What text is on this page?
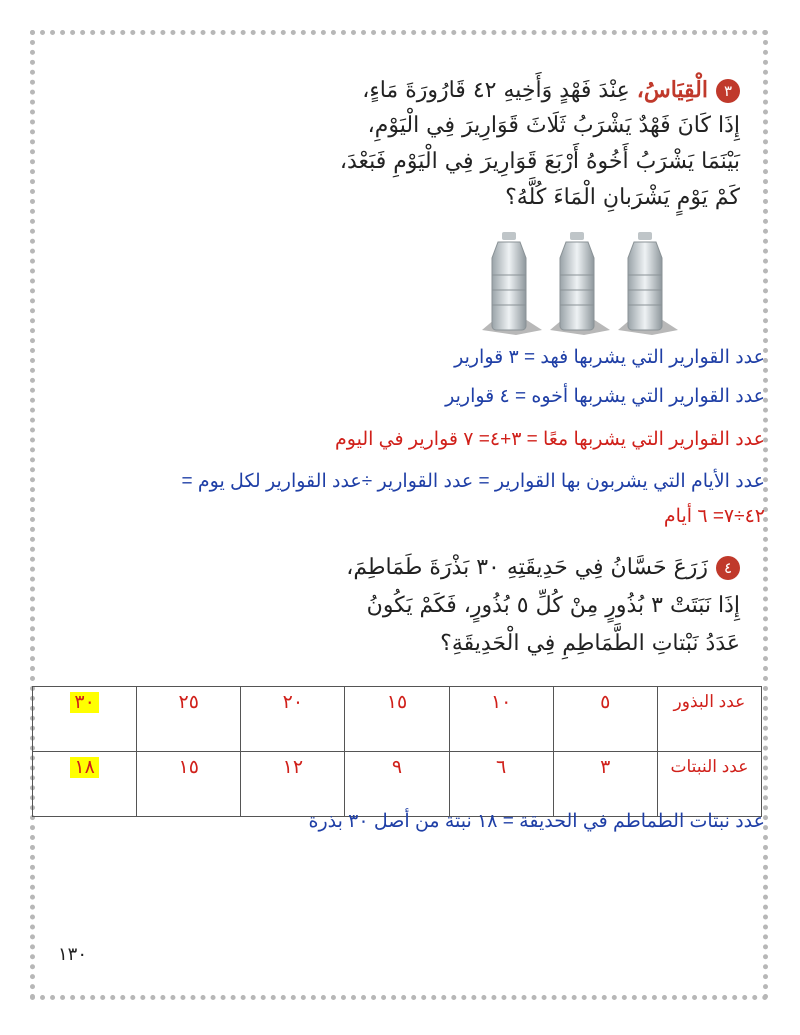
٣الْقِيَاسُ، عِنْدَ فَهْدٍ وَأَخِيهِ ٤٢ قَارُورَةَ مَاءٍ،
إِذَا كَانَ فَهْدٌ يَشْرَبُ ثَلَاثَ قَوَارِيرَ فِي الْيَوْمِ،
بَيْنَمَا يَشْرَبُ أَخُوهُ أَرْبَعَ قَوَارِيرَ فِي الْيَوْمِ فَبَعْدَ،
كَمْ يَوْمٍ يَشْرَبانِ الْمَاءَ كُلَّهُ؟
عدد القوارير التي يشربها فهد = ٣ قوارير
عدد القوارير التي يشربها أخوه = ٤ قوارير
عدد القوارير التي يشربها معًا = ٣+٤= ٧ قوارير في اليوم
عدد الأيام التي يشربون بها القوارير = عدد القوارير ÷عدد القوارير لكل يوم =
٤٢÷٧= ٦ أيام
٤زَرَعَ حَسَّانُ فِي حَدِيقَتِهِ ٣٠ بَذْرَةَ طَمَاطِمَ،
إِذَا نَبَتَتْ ٣ بُذُورٍ مِنْ كُلِّ ٥ بُذُورٍ، فَكَمْ يَكُونُ
عَدَدُ نَبْتاتِ الطَّمَاطِمِ فِي الْحَدِيقَةِ؟
عدد البذور	٥	١٠	١٥	٢٠	٢٥	٣٠
عدد النبتات	٣	٦	٩	١٢	١٥	١٨
عدد نبتات الطماطم في الحديقة = ١٨ نبتة من أصل ٣٠ بذرة
١٣٠
